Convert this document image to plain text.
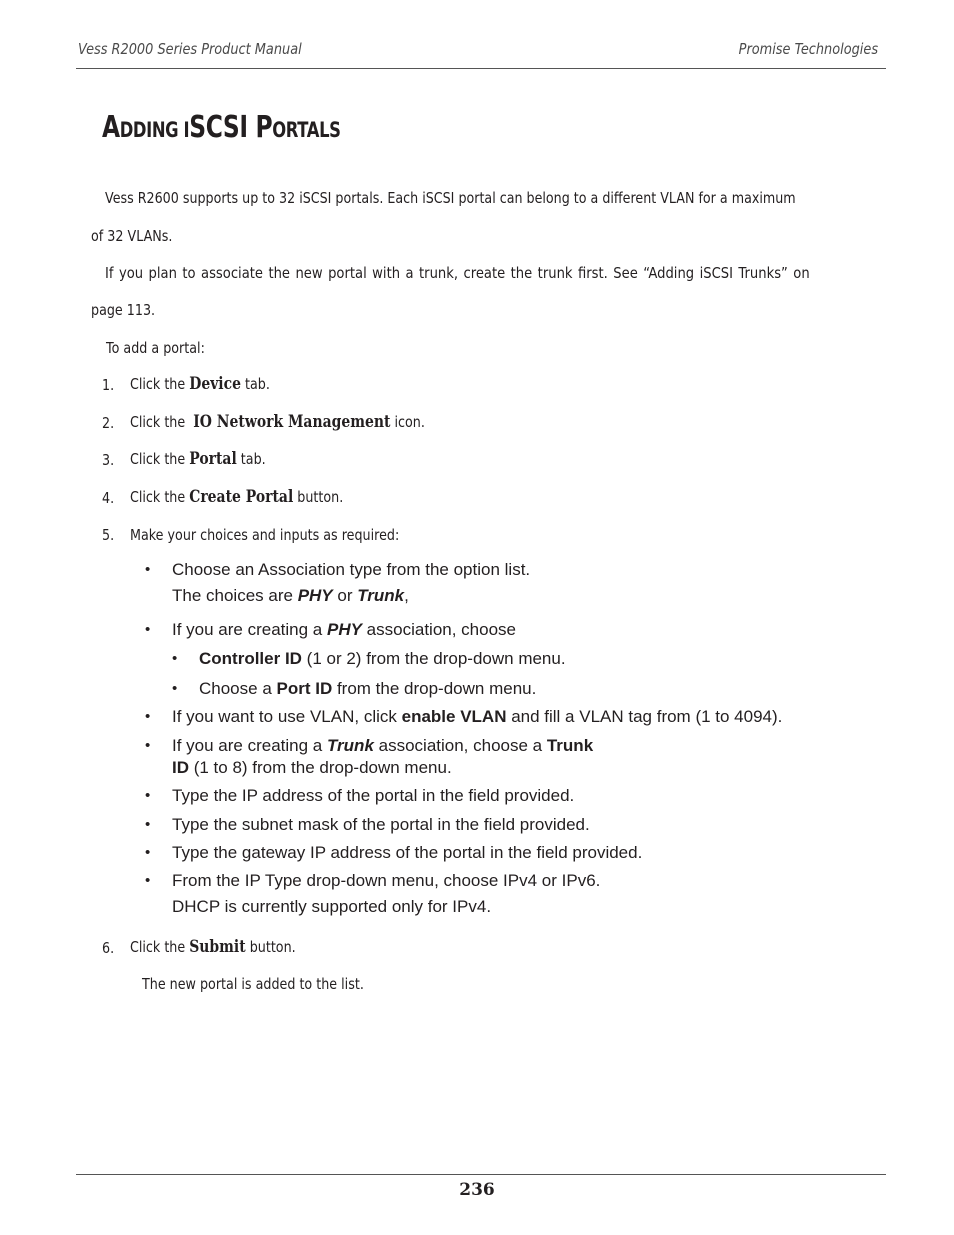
Vess R2000 Series Product Manual	Promise Technologies
ADDING ISCSI PORTALS
Vess R2600 supports up to 32 iSCSI portals. Each iSCSI portal can belong to a different VLAN for a maximum
of 32 VLANs.
If you plan to associate the new portal with a trunk, create the trunk first. See “Adding iSCSI Trunks” on
page 113.
To add a portal:
1. Click the Device tab.
2. Click the  IO Network Management icon.
3. Click the Portal tab.
4. Click the Create Portal button.
5. Make your choices and inputs as required:
• Choose an Association type from the option list.
The choices are PHY or Trunk,
• If you are creating a PHY association, choose
• Controller ID (1 or 2) from the drop-down menu.
• Choose a Port ID from the drop-down menu.
• If you want to use VLAN, click enable VLAN and fill a VLAN tag from (1 to 4094).
• If you are creating a Trunk association, choose a Trunk
ID (1 to 8) from the drop-down menu.
• Type the IP address of the portal in the field provided.
• Type the subnet mask of the portal in the field provided.
• Type the gateway IP address of the portal in the field provided.
• From the IP Type drop-down menu, choose IPv4 or IPv6.
DHCP is currently supported only for IPv4.
6. Click the Submit button.
The new portal is added to the list.
236
